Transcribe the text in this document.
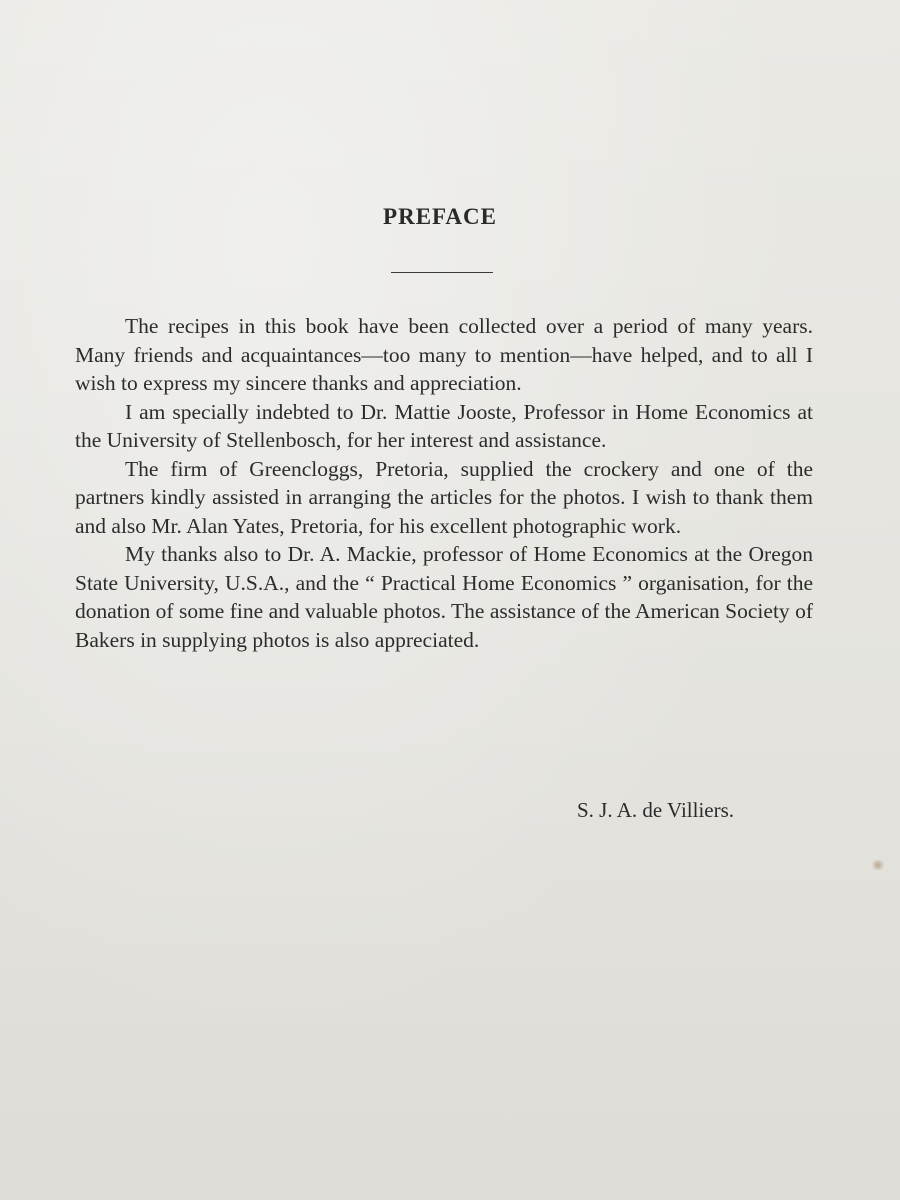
PREFACE

The recipes in this book have been collected over a period of many years. Many friends and acquaintances—too many to mention—have helped, and to all I wish to express my sincere thanks and appreciation.

I am specially indebted to Dr. Mattie Jooste, Professor in Home Economics at the University of Stellenbosch, for her interest and assistance.

The firm of Greencloggs, Pretoria, supplied the crockery and one of the partners kindly assisted in arranging the articles for the photos. I wish to thank them and also Mr. Alan Yates, Pretoria, for his excellent photographic work.

My thanks also to Dr. A. Mackie, professor of Home Economics at the Oregon State University, U.S.A., and the “ Practical Home Economics ” organisation, for the donation of some fine and valuable photos. The assistance of the American Society of Bakers in supplying photos is also appreciated.

S. J. A. de Villiers.
